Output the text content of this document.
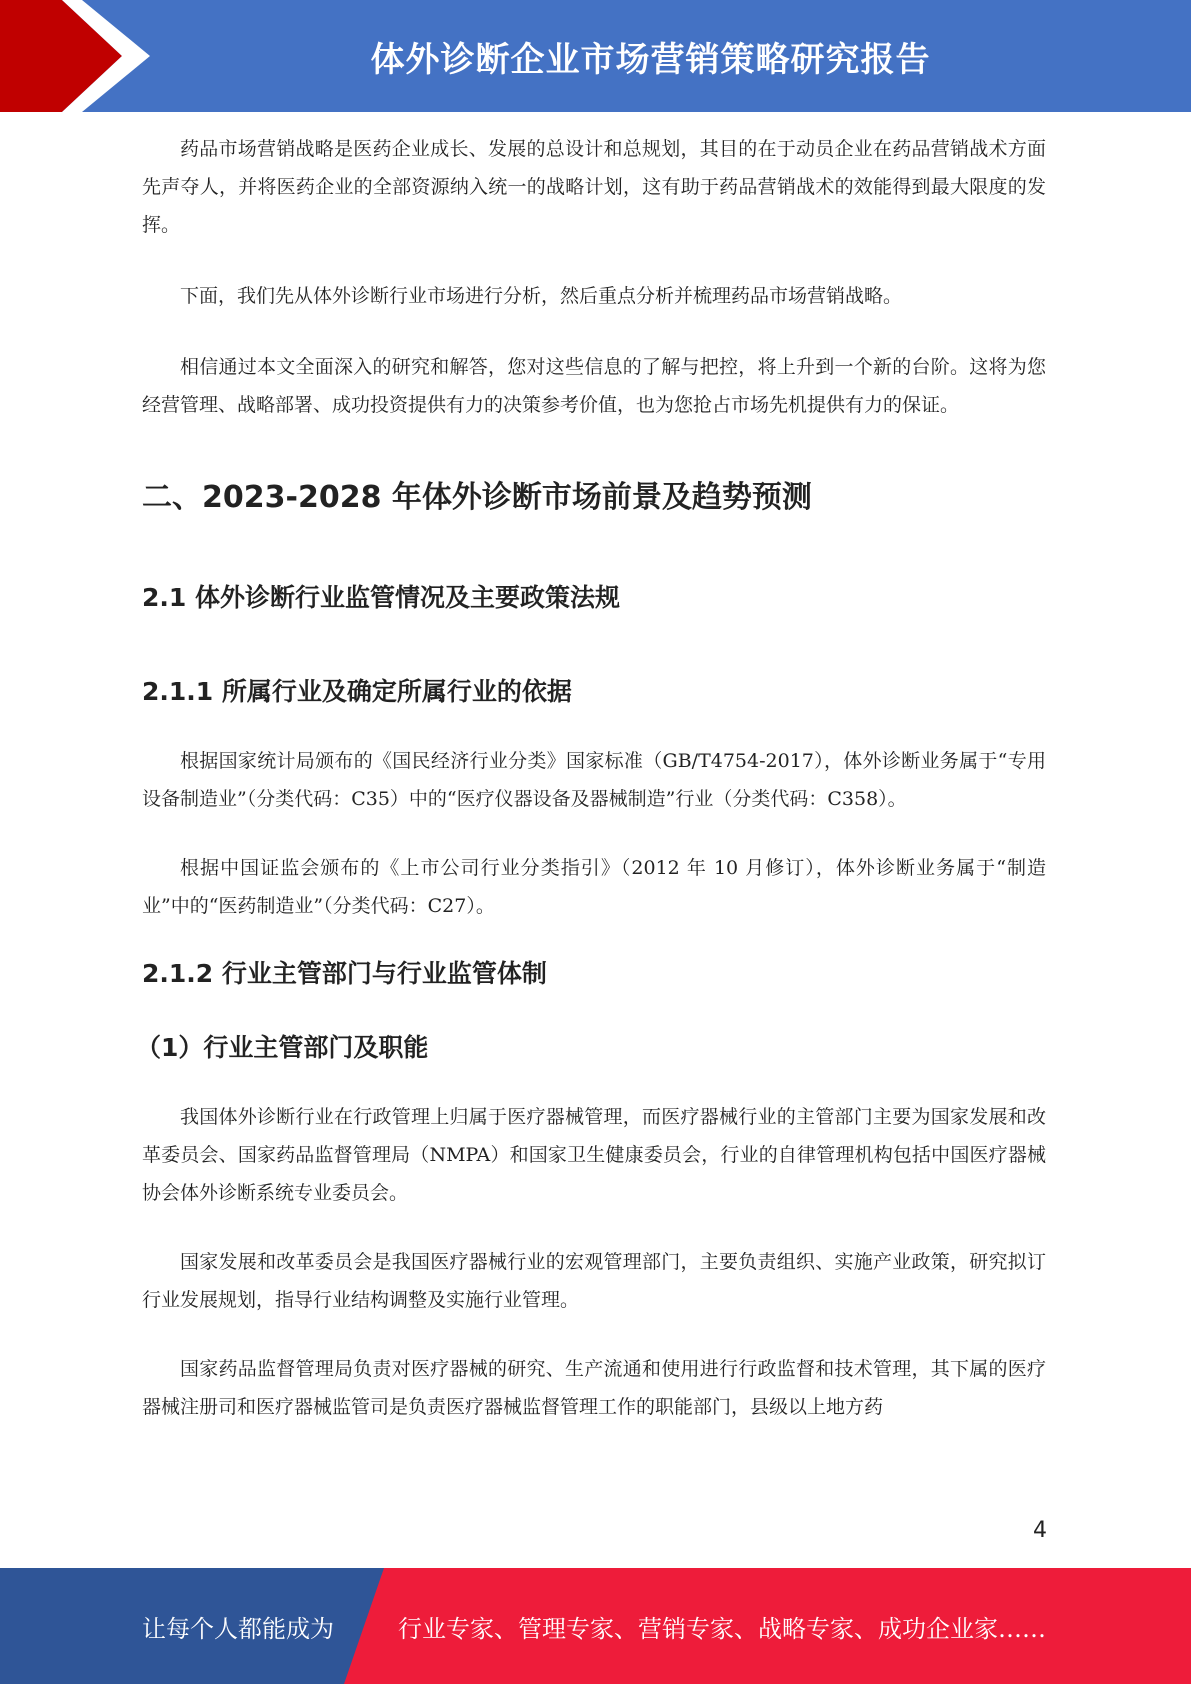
体外诊断企业市场营销策略研究报告

药品市场营销战略是医药企业成长、发展的总设计和总规划，其目的在于动员企业在药品营销战术方面先声夺人，并将医药企业的全部资源纳入统一的战略计划，这有助于药品营销战术的效能得到最大限度的发挥。

下面，我们先从体外诊断行业市场进行分析，然后重点分析并梳理药品市场营销战略。

相信通过本文全面深入的研究和解答，您对这些信息的了解与把控，将上升到一个新的台阶。这将为您经营管理、战略部署、成功投资提供有力的决策参考价值，也为您抢占市场先机提供有力的保证。

二、2023-2028 年体外诊断市场前景及趋势预测
2.1 体外诊断行业监管情况及主要政策法规
2.1.1 所属行业及确定所属行业的依据

根据国家统计局颁布的《国民经济行业分类》国家标准（GB/T4754-2017），体外诊断业务属于“专用设备制造业”（分类代码：C35）中的“医疗仪器设备及器械制造”行业（分类代码：C358）。

根据中国证监会颁布的《上市公司行业分类指引》（2012 年 10 月修订），体外诊断业务属于“制造业”中的“医药制造业”（分类代码：C27）。

2.1.2 行业主管部门与行业监管体制
（1）行业主管部门及职能

我国体外诊断行业在行政管理上归属于医疗器械管理，而医疗器械行业的主管部门主要为国家发展和改革委员会、国家药品监督管理局（NMPA）和国家卫生健康委员会，行业的自律管理机构包括中国医疗器械协会体外诊断系统专业委员会。

国家发展和改革委员会是我国医疗器械行业的宏观管理部门，主要负责组织、实施产业政策，研究拟订行业发展规划，指导行业结构调整及实施行业管理。

国家药品监督管理局负责对医疗器械的研究、生产流通和使用进行行政监督和技术管理，其下属的医疗器械注册司和医疗器械监管司是负责医疗器械监督管理工作的职能部门，县级以上地方药

4
让每个人都能成为	行业专家、管理专家、营销专家、战略专家、成功企业家……
